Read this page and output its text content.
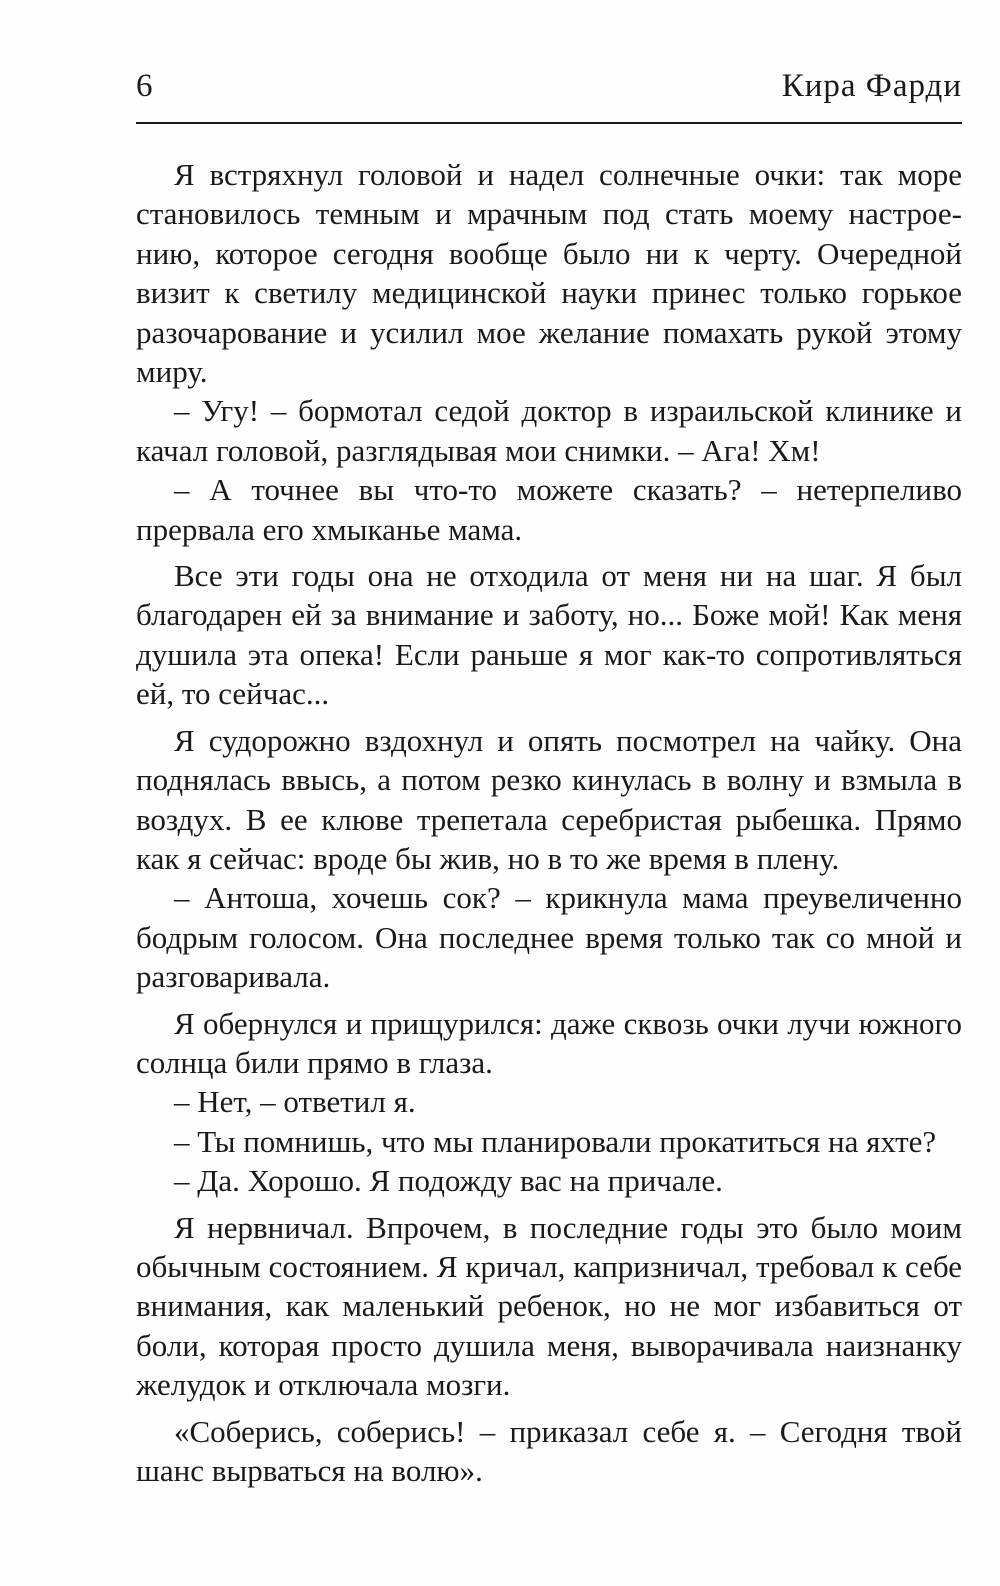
6	Кира Фарди

Я встряхнул головой и надел солнечные очки: так море становилось темным и мрачным под стать моему настроению, которое сегодня вообще было ни к черту. Очередной визит к светилу медицинской науки принес только горькое разочарование и усилил мое желание помахать рукой этому миру.

– Угу! – бормотал седой доктор в израильской клинике и качал головой, разглядывая мои снимки. – Ага! Хм!

– А точнее вы что-то можете сказать? – нетерпеливо прервала его хмыканье мама.

Все эти годы она не отходила от меня ни на шаг. Я был благодарен ей за внимание и заботу, но... Боже мой! Как меня душила эта опека! Если раньше я мог как-то сопротивляться ей, то сейчас...

Я судорожно вздохнул и опять посмотрел на чайку. Она поднялась ввысь, а потом резко кинулась в волну и взмыла в воздух. В ее клюве трепетала серебристая рыбешка. Прямо как я сейчас: вроде бы жив, но в то же время в плену.

– Антоша, хочешь сок? – крикнула мама преувеличенно бодрым голосом. Она последнее время только так со мной и разговаривала.

Я обернулся и прищурился: даже сквозь очки лучи южного солнца били прямо в глаза.

– Нет, – ответил я.

– Ты помнишь, что мы планировали прокатиться на яхте?

– Да. Хорошо. Я подожду вас на причале.

Я нервничал. Впрочем, в последние годы это было моим обычным состоянием. Я кричал, капризничал, требовал к себе внимания, как маленький ребенок, но не мог избавиться от боли, которая просто душила меня, выворачивала наизнанку желудок и отключала мозги.

«Соберись, соберись! – приказал себе я. – Сегодня твой шанс вырваться на волю».
